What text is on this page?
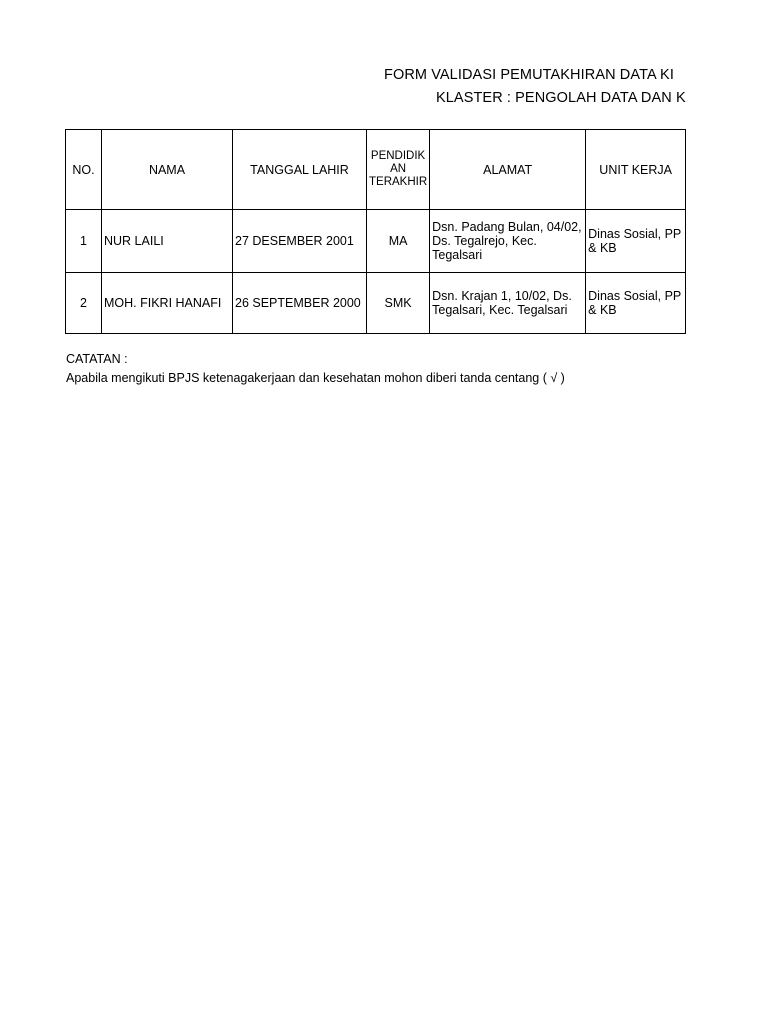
FORM VALIDASI PEMUTAKHIRAN DATA KI
KLASTER : PENGOLAH DATA DAN K
NO.	NAMA	TANGGAL LAHIR	PENDIDIK
AN
TERAKHIR	ALAMAT	UNIT KERJA
1	NUR LAILI	27 DESEMBER 2001	MA	Dsn. Padang Bulan, 04/02,
Ds. Tegalrejo, Kec.
Tegalsari	Dinas Sosial, PP
& KB
2	MOH. FIKRI HANAFI	26 SEPTEMBER 2000	SMK	Dsn. Krajan 1, 10/02, Ds.
Tegalsari, Kec. Tegalsari	Dinas Sosial, PP
& KB
CATATAN :
Apabila mengikuti BPJS ketenagakerjaan dan kesehatan mohon diberi tanda centang ( √ )
